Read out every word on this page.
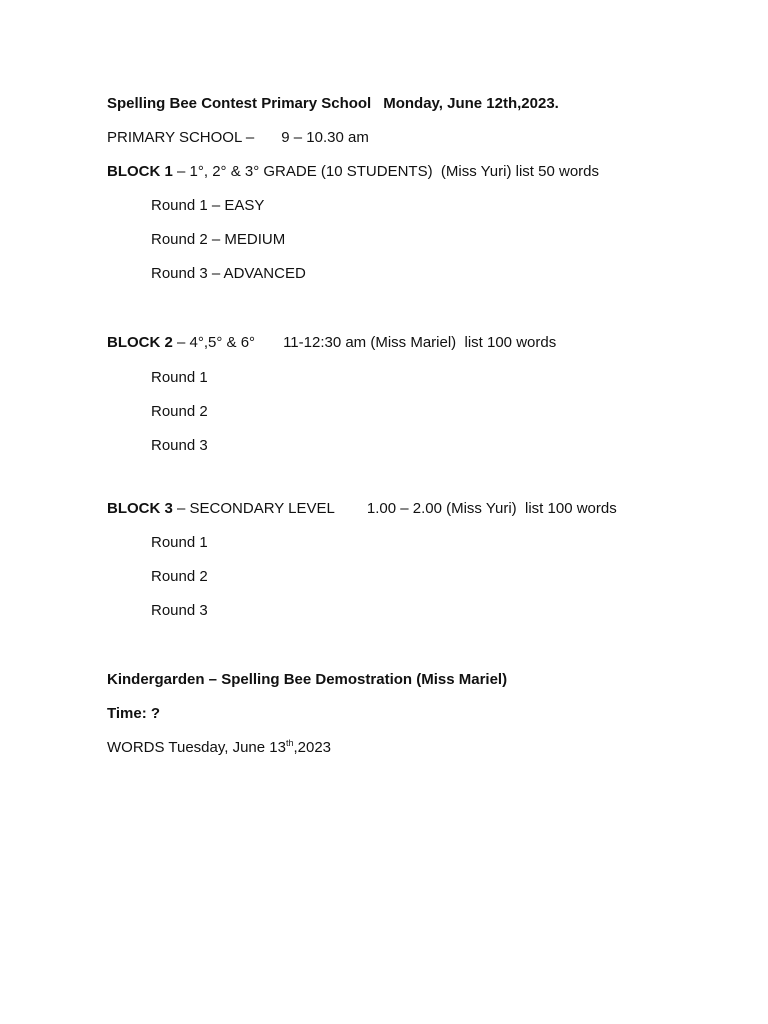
Spelling Bee Contest Primary School Monday, June 12th,2023.
PRIMARY SCHOOL – 9 – 10.30 am
BLOCK 1 – 1°, 2° & 3° GRADE (10 STUDENTS)  (Miss Yuri) list 50 words
Round 1 – EASY
Round 2 – MEDIUM
Round 3 – ADVANCED
BLOCK 2 – 4°,5° & 6° 11-12:30 am (Miss Mariel)  list 100 words
Round 1
Round 2
Round 3
BLOCK 3 – SECONDARY LEVEL 1.00 – 2.00 (Miss Yuri)  list 100 words
Round 1
Round 2
Round 3
Kindergarden – Spelling Bee Demostration (Miss Mariel)
Time: ?
WORDS Tuesday, June 13th,2023
